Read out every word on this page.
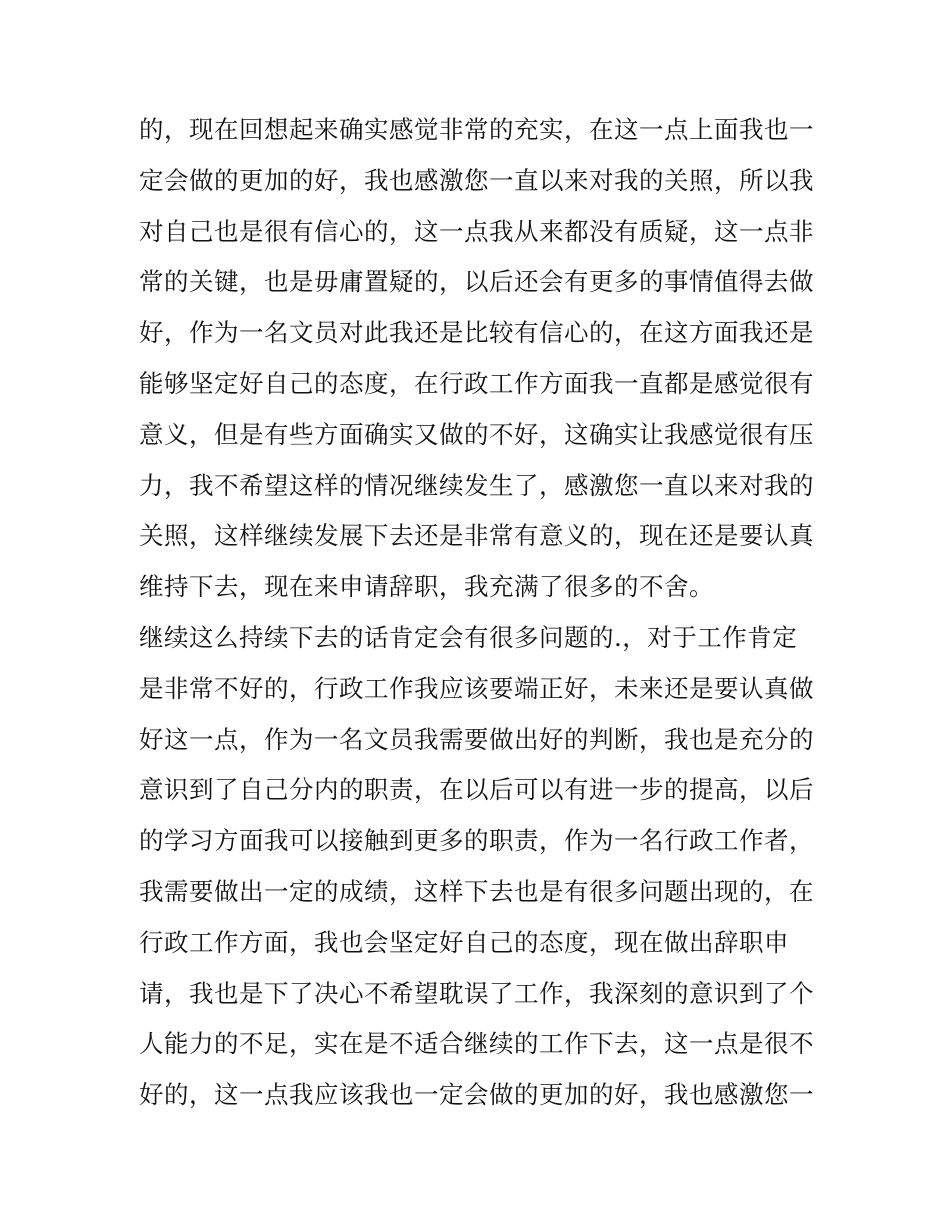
的，现在回想起来确实感觉非常的充实，在这一点上面我也一
定会做的更加的好，我也感激您一直以来对我的关照，所以我
对自己也是很有信心的，这一点我从来都没有质疑，这一点非
常的关键，也是毋庸置疑的，以后还会有更多的事情值得去做
好，作为一名文员对此我还是比较有信心的，在这方面我还是
能够坚定好自己的态度，在行政工作方面我一直都是感觉很有
意义，但是有些方面确实又做的不好，这确实让我感觉很有压
力，我不希望这样的情况继续发生了，感激您一直以来对我的
关照，这样继续发展下去还是非常有意义的，现在还是要认真
维持下去，现在来申请辞职，我充满了很多的不舍。
继续这么持续下去的话肯定会有很多问题的.，对于工作肯定
是非常不好的，行政工作我应该要端正好，未来还是要认真做
好这一点，作为一名文员我需要做出好的判断，我也是充分的
意识到了自己分内的职责，在以后可以有进一步的提高，以后
的学习方面我可以接触到更多的职责，作为一名行政工作者，
我需要做出一定的成绩，这样下去也是有很多问题出现的，在
行政工作方面，我也会坚定好自己的态度，现在做出辞职申
请，我也是下了决心不希望耽误了工作，我深刻的意识到了个
人能力的不足，实在是不适合继续的工作下去，这一点是很不
好的，这一点我应该我也一定会做的更加的好，我也感激您一
